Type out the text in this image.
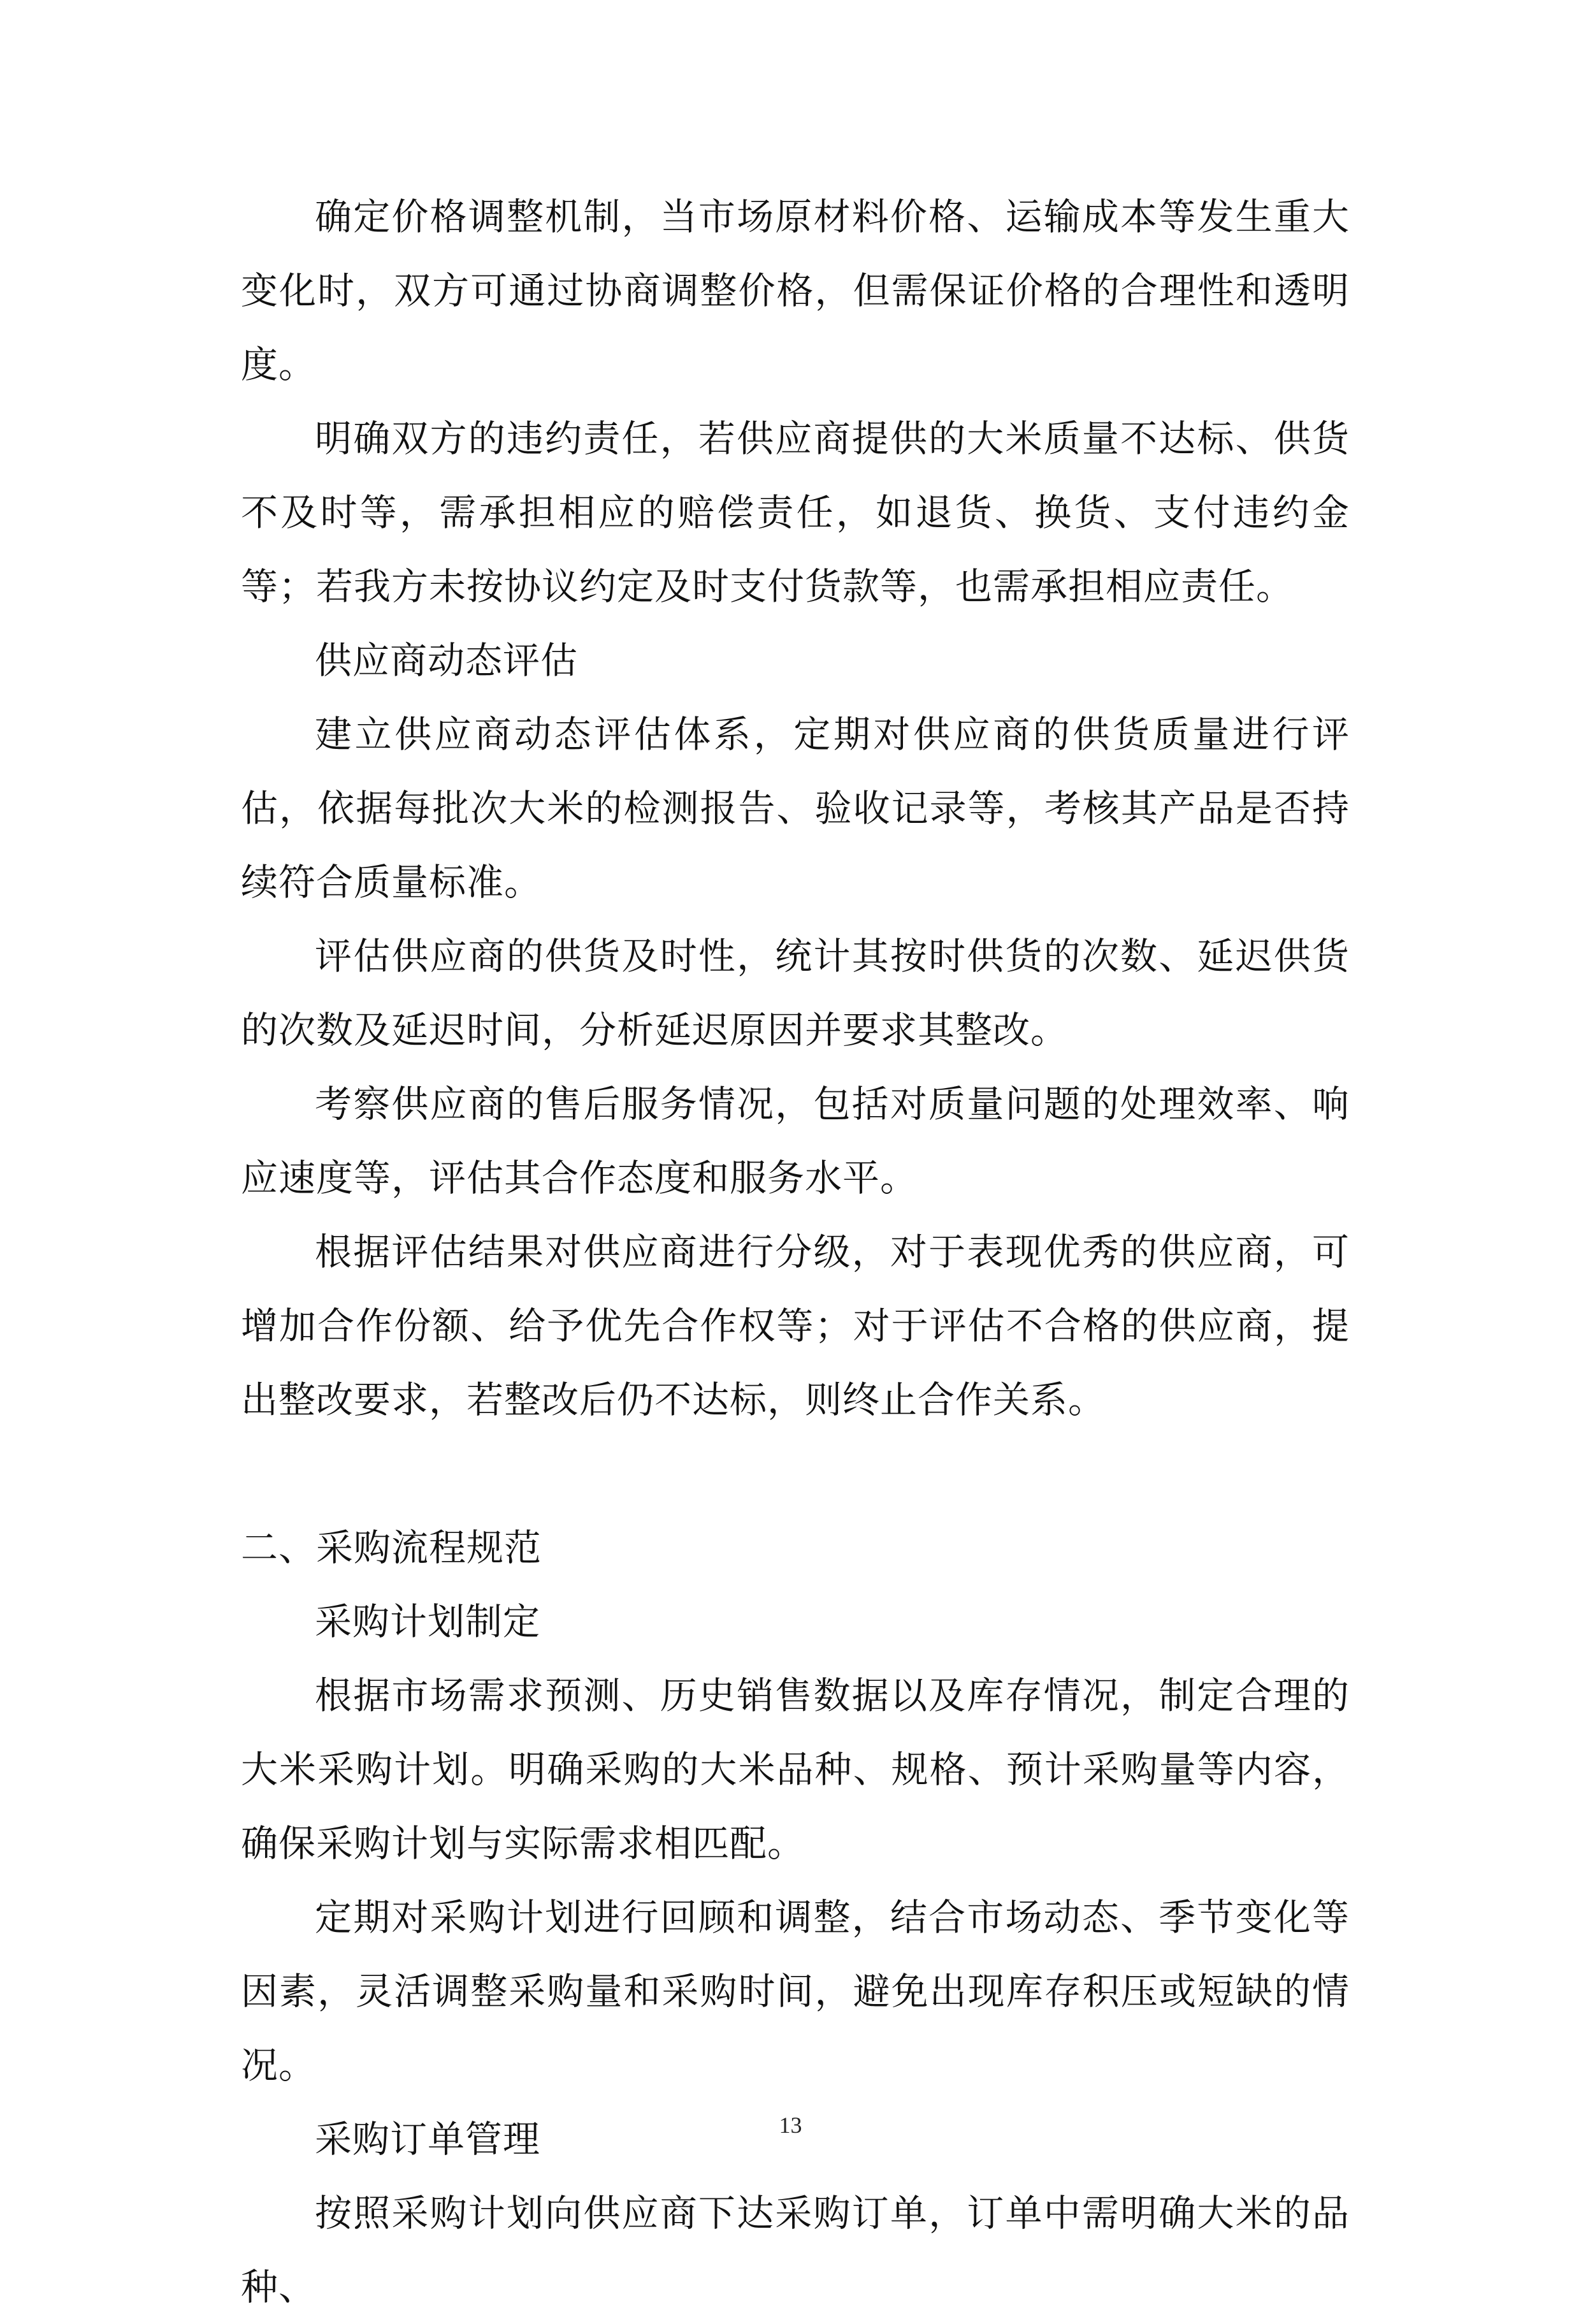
确定价格调整机制，当市场原材料价格、运输成本等发生重大变化时，双方可通过协商调整价格，但需保证价格的合理性和透明度。

明确双方的违约责任，若供应商提供的大米质量不达标、供货不及时等，需承担相应的赔偿责任，如退货、换货、支付违约金等；若我方未按协议约定及时支付货款等，也需承担相应责任。

供应商动态评估

建立供应商动态评估体系，定期对供应商的供货质量进行评估，依据每批次大米的检测报告、验收记录等，考核其产品是否持续符合质量标准。

评估供应商的供货及时性，统计其按时供货的次数、延迟供货的次数及延迟时间，分析延迟原因并要求其整改。

考察供应商的售后服务情况，包括对质量问题的处理效率、响应速度等，评估其合作态度和服务水平。

根据评估结果对供应商进行分级，对于表现优秀的供应商，可增加合作份额、给予优先合作权等；对于评估不合格的供应商，提出整改要求，若整改后仍不达标，则终止合作关系。

二、采购流程规范

采购计划制定

根据市场需求预测、历史销售数据以及库存情况，制定合理的大米采购计划。明确采购的大米品种、规格、预计采购量等内容，确保采购计划与实际需求相匹配。

定期对采购计划进行回顾和调整，结合市场动态、季节变化等因素，灵活调整采购量和采购时间，避免出现库存积压或短缺的情况。

采购订单管理

按照采购计划向供应商下达采购订单，订单中需明确大米的品种、

13
